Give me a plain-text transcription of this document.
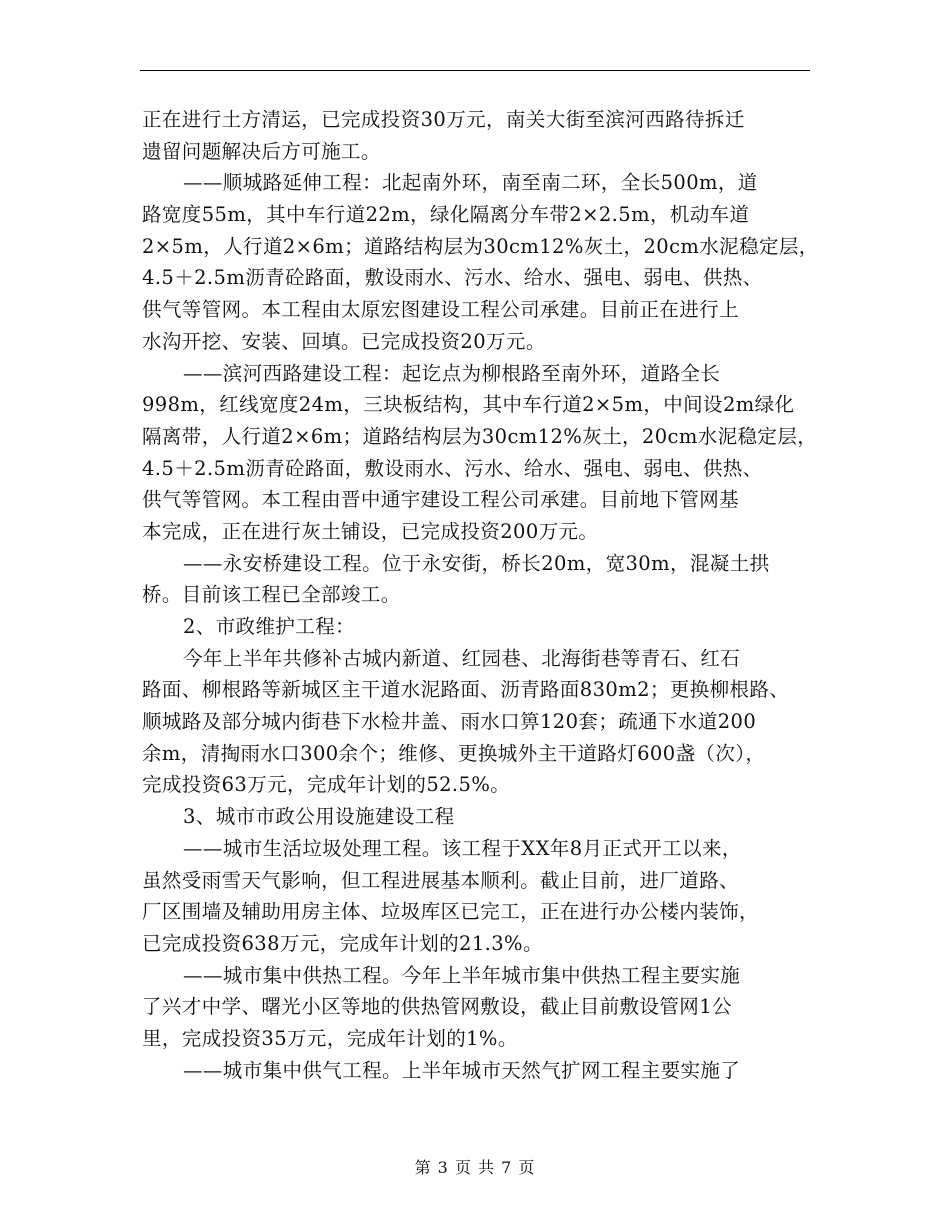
正在进行土方清运，已完成投资30万元，南关大街至滨河西路待拆迁
遗留问题解决后方可施工。
——顺城路延伸工程：北起南外环，南至南二环，全长500m，道
路宽度55m，其中车行道22m，绿化隔离分车带2×2.5m，机动车道
2×5m，人行道2×6m；道路结构层为30cm12%灰土，20cm水泥稳定层，
4.5＋2.5m沥青砼路面，敷设雨水、污水、给水、强电、弱电、供热、
供气等管网。本工程由太原宏图建设工程公司承建。目前正在进行上
水沟开挖、安装、回填。已完成投资20万元。
——滨河西路建设工程：起讫点为柳根路至南外环，道路全长
998m，红线宽度24m，三块板结构，其中车行道2×5m，中间设2m绿化
隔离带，人行道2×6m；道路结构层为30cm12%灰土，20cm水泥稳定层，
4.5＋2.5m沥青砼路面，敷设雨水、污水、给水、强电、弱电、供热、
供气等管网。本工程由晋中通宇建设工程公司承建。目前地下管网基
本完成，正在进行灰土铺设，已完成投资200万元。
——永安桥建设工程。位于永安街，桥长20m，宽30m，混凝土拱
桥。目前该工程已全部竣工。
2、市政维护工程：
今年上半年共修补古城内新道、红园巷、北海街巷等青石、红石
路面、柳根路等新城区主干道水泥路面、沥青路面830m2；更换柳根路、
顺城路及部分城内街巷下水检井盖、雨水口箅120套；疏通下水道200
余m，清掏雨水口300余个；维修、更换城外主干道路灯600盏（次），
完成投资63万元，完成年计划的52.5%。
3、城市市政公用设施建设工程
——城市生活垃圾处理工程。该工程于XX年8月正式开工以来，
虽然受雨雪天气影响，但工程进展基本顺利。截止目前，进厂道路、
厂区围墙及辅助用房主体、垃圾库区已完工，正在进行办公楼内装饰，
已完成投资638万元，完成年计划的21.3%。
——城市集中供热工程。今年上半年城市集中供热工程主要实施
了兴才中学、曙光小区等地的供热管网敷设，截止目前敷设管网1公
里，完成投资35万元，完成年计划的1%。
——城市集中供气工程。上半年城市天然气扩网工程主要实施了
第 3 页 共 7 页
